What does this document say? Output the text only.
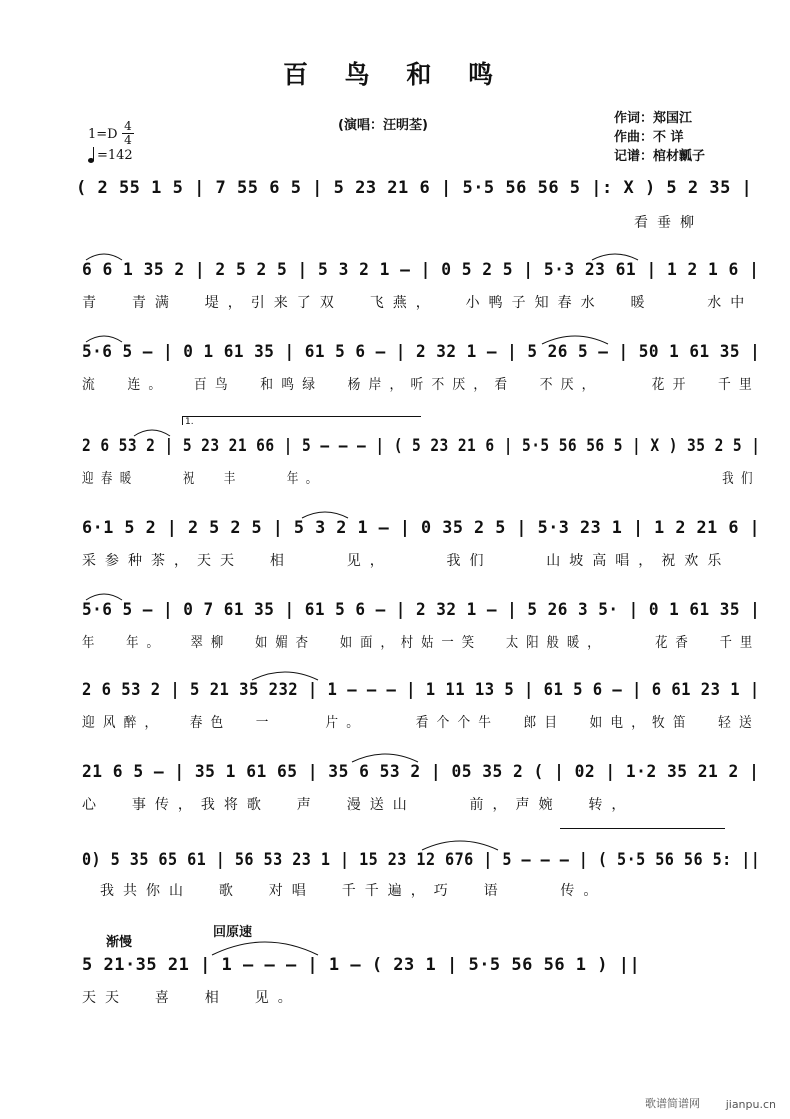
百 鸟 和 鸣
(演唱：汪明荃)	作词：郑国江
作曲：不 详
记谱：棺材瓤子
1=D
4
4
=142
( 2 55 1 5 | 7 55 6 5 | 5 23 21 6 | 5·5 56 56 5 |: X ) 5 2 35 |
看垂柳
6 6 1 35 2 | 2 5 2 5 | 5 3 2 1 — | 0 5 2 5 | 5·3 23 61 | 1 2 1 6 |
青  青满  堤，引来了双  飞燕，  小鸭子知春水  暖    水中
5·6 5 — | 0 1 61 35 | 61 5 6 — | 2 32 1 — | 5 26 5 — | 50 1 61 35 |
流  连。  百鸟  和鸣绿  杨岸，听不厌，看  不厌，    花开  千里
1.
2 6 53 2 | 5 23 21 66 | 5 — — — | ( 5 23 21 6 | 5·5 56 56 5 | X ) 35 2 5 |
迎春暖    祝  丰    年。                                    我们
6·1 5 2 | 2 5 2 5 | 5 3 2 1 — | 0 35 2 5 | 5·3 23 1 | 1 2 21 6 |
采参种茶，天天  相    见，    我们    山坡高唱，祝欢乐
5·6 5 — | 0 7 61 35 | 61 5 6 — | 2 32 1 — | 5 26 3 5· | 0 1 61 35 |
年  年。  翠柳  如媚杏  如面，村姑一笑  太阳般暖，    花香  千里
2 6 53 2 | 5 21 35 232 | 1 — — — | 1 11 13 5 | 61 5 6 — | 6 61 23 1 |
迎风醉，  春色  一    片。    看个个牛  郎目  如电，牧笛  轻送
21 6 5 — | 35 1 61 65 | 35 6 53 2 | 05 35 2 ( | 02 | 1·2 35 21 2 |
心  事传，我将歌  声  漫送山    前，声婉  转，
0) 5 35 65 61 | 56 53 23 1 | 15 23 12 676 | 5 — — — | ( 5·5 56 56 5: ||
我共你山  歌  对唱  千千遍，巧  语    传。
渐慢
回原速
5 21·35 21 | 1 — — — | 1 — ( 23 1 | 5·5 56 56 1 ) ||
天天  喜  相  见。
歌谱简谱网 jianpu.cn
